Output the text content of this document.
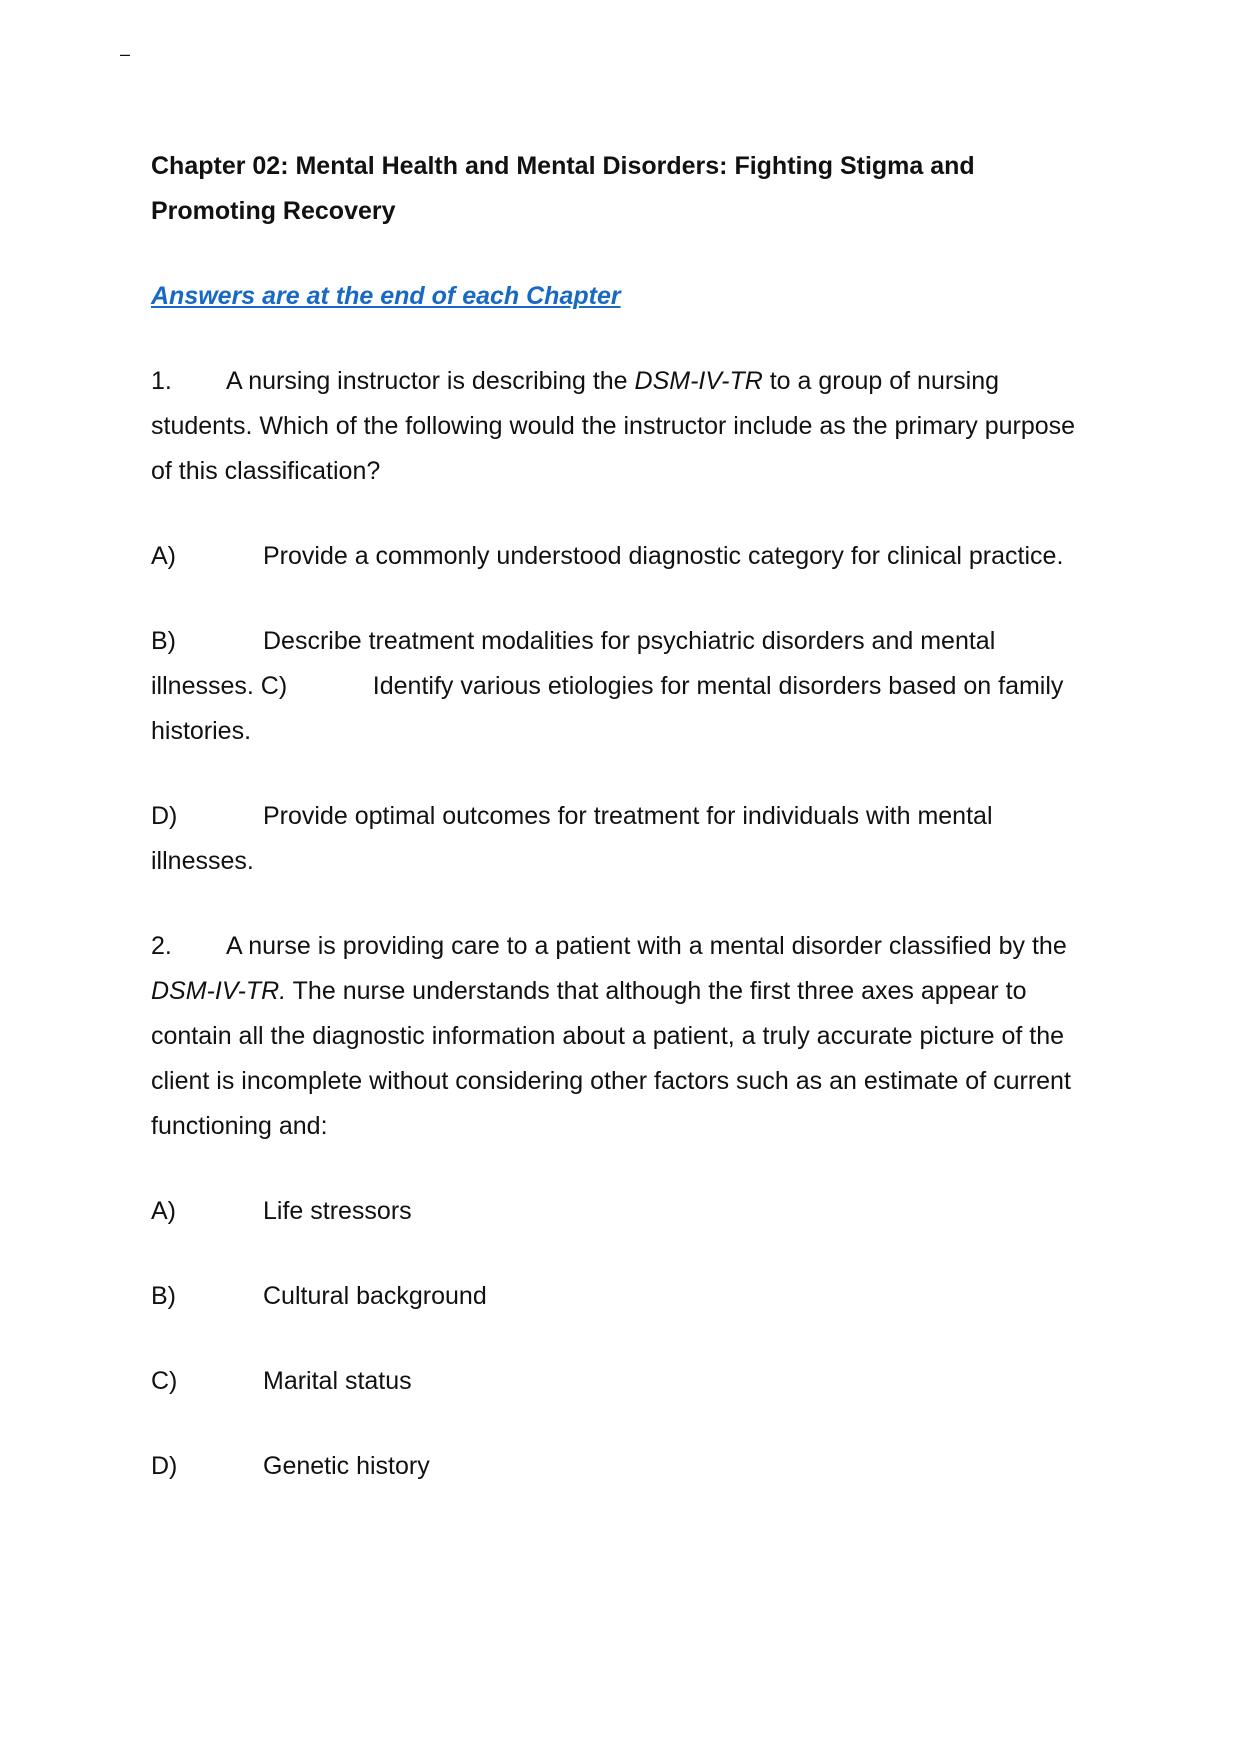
–
Chapter 02: Mental Health and Mental Disorders: Fighting Stigma and Promoting Recovery
Answers are at the end of each Chapter

1. A nursing instructor is describing the DSM-IV-TR to a group of nursing students. Which of the following would the instructor include as the primary purpose of this classification?

A)	Provide a commonly understood diagnostic category for clinical practice.

B)	Describe treatment modalities for psychiatric disorders and mental illnesses. C)	Identify various etiologies for mental disorders based on family histories.

D)	Provide optimal outcomes for treatment for individuals with mental illnesses.

2. A nurse is providing care to a patient with a mental disorder classified by the DSM-IV-TR. The nurse understands that although the first three axes appear to contain all the diagnostic information about a patient, a truly accurate picture of the client is incomplete without considering other factors such as an estimate of current functioning and:

A)	Life stressors

B)	Cultural background

C)	Marital status

D)	Genetic history
